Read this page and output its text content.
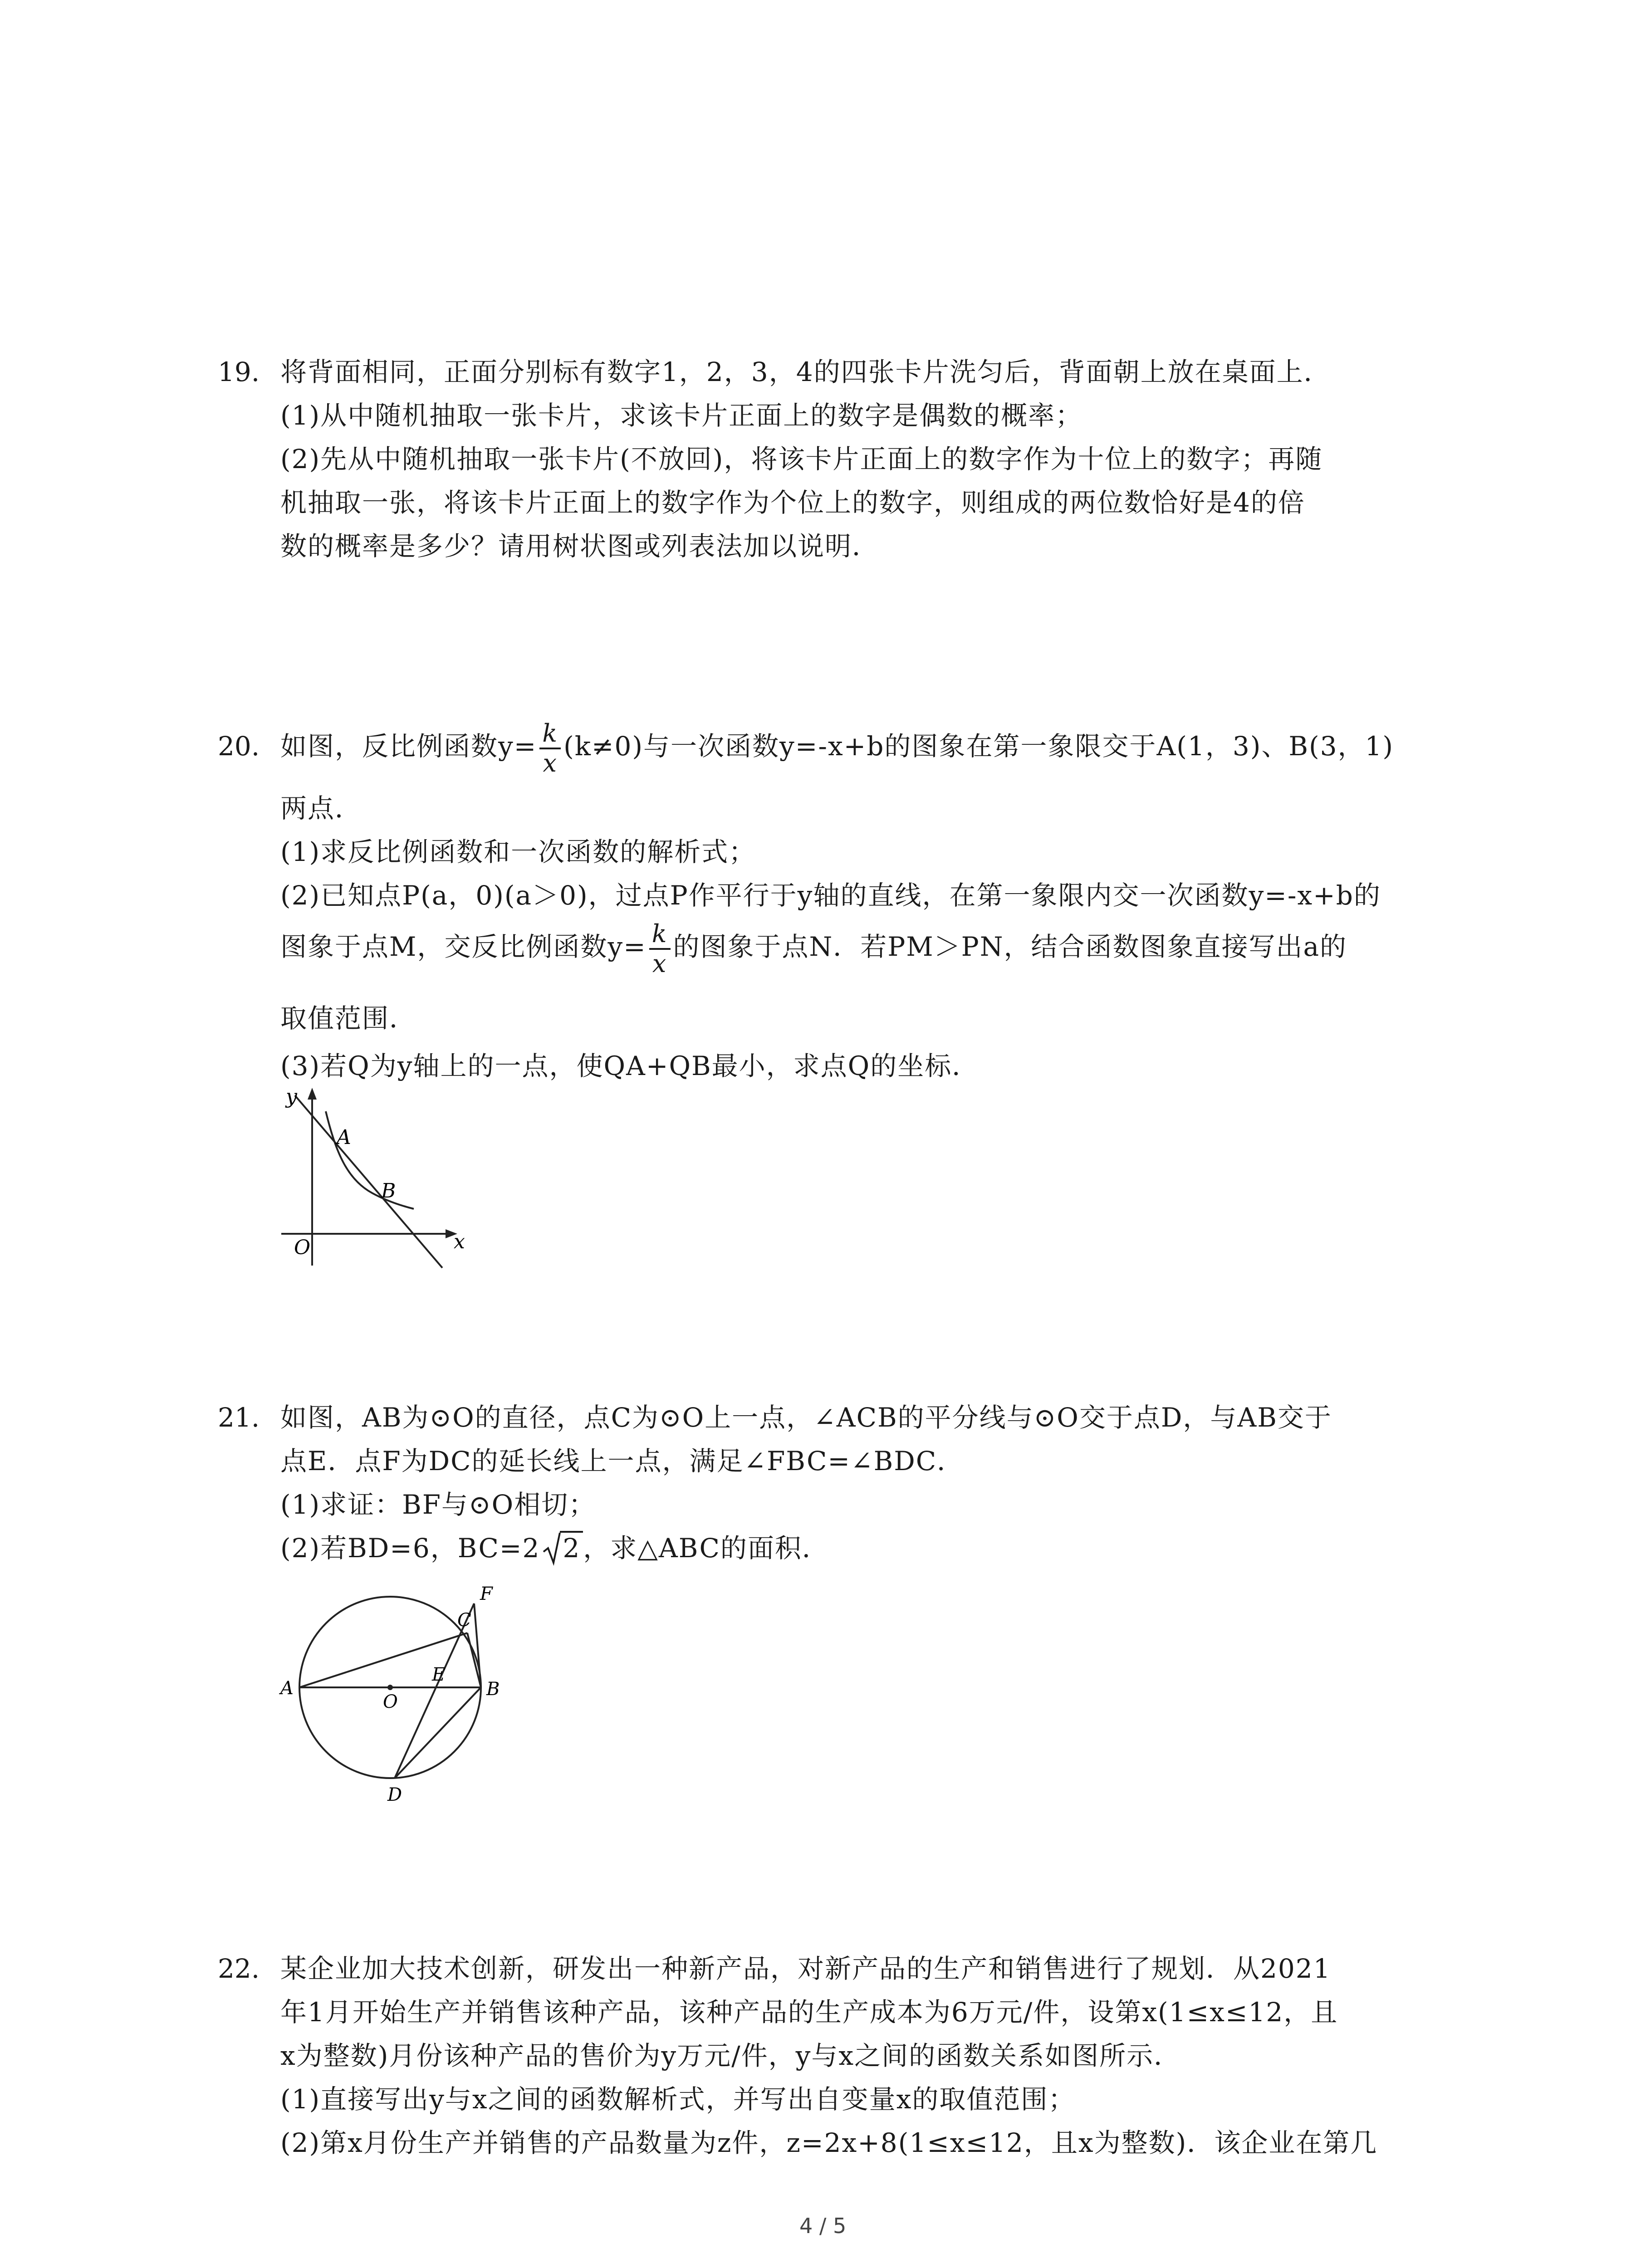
19. 将背面相同，正面分别标有数字1，2，3，4的四张卡片洗匀后，背面朝上放在桌面上．
(1)从中随机抽取一张卡片，求该卡片正面上的数字是偶数的概率；
(2)先从中随机抽取一张卡片(不放回)，将该卡片正面上的数字作为十位上的数字；再随
机抽取一张，将该卡片正面上的数字作为个位上的数字，则组成的两位数恰好是4的倍
数的概率是多少？请用树状图或列表法加以说明．
20. 如图，反比例函数$y= \frac{k}{x} (k\ne 0)$与一次函数y=-x+b的图象在第一象限交于A(1，3)、B(3，1)
两点．
(1)求反比例函数和一次函数的解析式；
(2)已知点P(a，0)(a＞0)，过点P作平行于y轴的直线，在第一象限内交一次函数y=-x+b的
图象于点M，交反比例函数$y= \frac{k}{x}$ 的图象于点N．若PM＞PN，结合函数图象直接写出a的
取值范围．
(3)若Q为y轴上的一点，使QA+QB最小，求点Q的坐标．
y
x
O
A
B
21. 如图，AB为⊙O的直径，点C为⊙O上一点，∠ACB的平分线与⊙O交于点D，与AB交于
点E．点F为DC的延长线上一点，满足∠FBC=∠BDC．
(1)求证：BF与⊙O相切；
(2)若BD=6，BC=2 2 ，求△ABC的面积．
A	B
C
D
E
F
O
22. 某企业加大技术创新，研发出一种新产品，对新产品的生产和销售进行了规划．从2021
年1月开始生产并销售该种产品，该种产品的生产成本为6万元/件，设第x(1≤x≤12，且
x为整数)月份该种产品的售价为y万元/件，y与x之间的函数关系如图所示．
(1)直接写出y与x之间的函数解析式，并写出自变量x的取值范围；
(2)第x月份生产并销售的产品数量为z件，z=2x+8(1≤x≤12，且x为整数)．该企业在第几
4 / 5
